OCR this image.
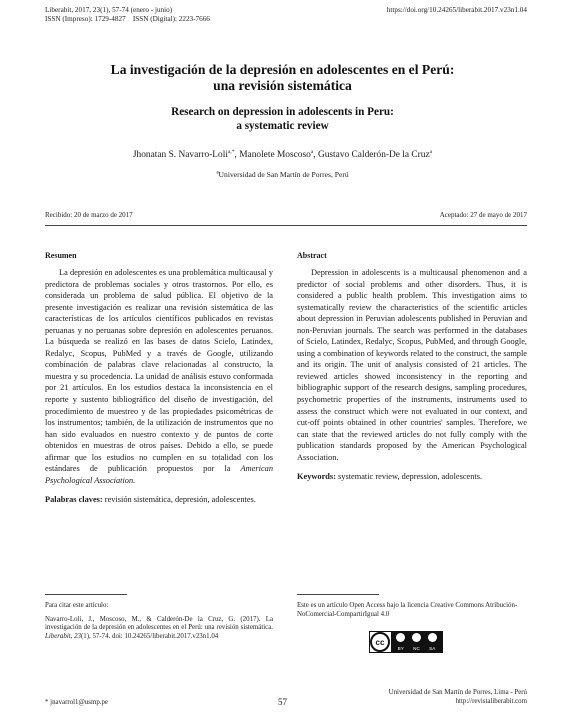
Liberabit, 2017, 23(1), 57-74 (enero - junio)
ISSN (Impreso): 1729-4827    ISSN (Digital): 2223-7666
https://doi.org/10.24265/liberabit.2017.v23n1.04
La investigación de la depresión en adolescentes en el Perú:
una revisión sistemática
Research on depression in adolescents in Peru:
a systematic review
Jhonatan S. Navarro-Loli$^{a,*}$, Manolete Moscoso$^a$, Gustavo Calderón-De la Cruz$^a$
$^a$Universidad de San Martín de Porres, Perú
Recibido: 20 de marzo de 2017	Aceptado: 27 de mayo de 2017
Resumen

La depresión en adolescentes es una problemática multicausal y predictora de problemas sociales y otros trastornos. Por ello, es considerada un problema de salud pública. El objetivo de la presente investigación es realizar una revisión sistemática de las características de los artículos científicos publicados en revistas peruanas y no peruanas sobre depresión en adolescentes peruanos. La búsqueda se realizó en las bases de datos Scielo, Latindex, Redalyc, Scopus, PubMed y a través de Google, utilizando combinación de palabras clave relacionadas al constructo, la muestra y su procedencia. La unidad de análisis estuvo conformada por 21 artículos. En los estudios destaca la inconsistencia en el reporte y sustento bibliográfico del diseño de investigación, del procedimiento de muestreo y de las propiedades psicométricas de los instrumentos; también, de la utilización de instrumentos que no han sido evaluados en nuestro contexto y de puntos de corte obtenidos en muestras de otros países. Debido a ello, se puede afirmar que los estudios no cumplen en su totalidad con los estándares de publicación propuestos por la American Psychological Association.

Palabras claves: revisión sistemática, depresión, adolescentes.

Abstract

Depression in adolescents is a multicausal phenomenon and a predictor of social problems and other disorders. Thus, it is considered a public health problem. This investigation aims to systematically review the characteristics of the scientific articles about depression in Peruvian adolescents published in Peruvian and non-Peruvian journals. The search was performed in the databases of Scielo, Latindex, Redalyc, Scopus, PubMed, and through Google, using a combination of keywords related to the construct, the sample and its origin. The unit of analysis consisted of 21 articles. The reviewed articles showed inconsistency in the reporting and bibliographic support of the research designs, sampling procedures, psychometric properties of the instruments, instruments used to assess the construct which were not evaluated in our context, and cut-off points obtained in other countries' samples. Therefore, we can state that the reviewed articles do not fully comply with the publication standards proposed by the American Psychological Association.

Keywords: systematic review, depression, adolescents.

Para citar este artículo:
Navarro-Loli, J., Moscoso, M., & Calderón-De la Cruz, G. (2017). La investigación de la depresión en adolescentes en el Perú: una revisión sistemática. Liberabit, 23(1), 57-74. doi: 10.24265/liberabit.2017.v23n1.04
Este es un artículo Open Access bajo la licencia Creative Commons Atribución-NoComercial-CompartirIgual 4.0
cc
BY NC SA
* jnavarrol1@usmp.pe	57
Universidad de San Martín de Porres, Lima - Perú
http://revistaliberabit.com
